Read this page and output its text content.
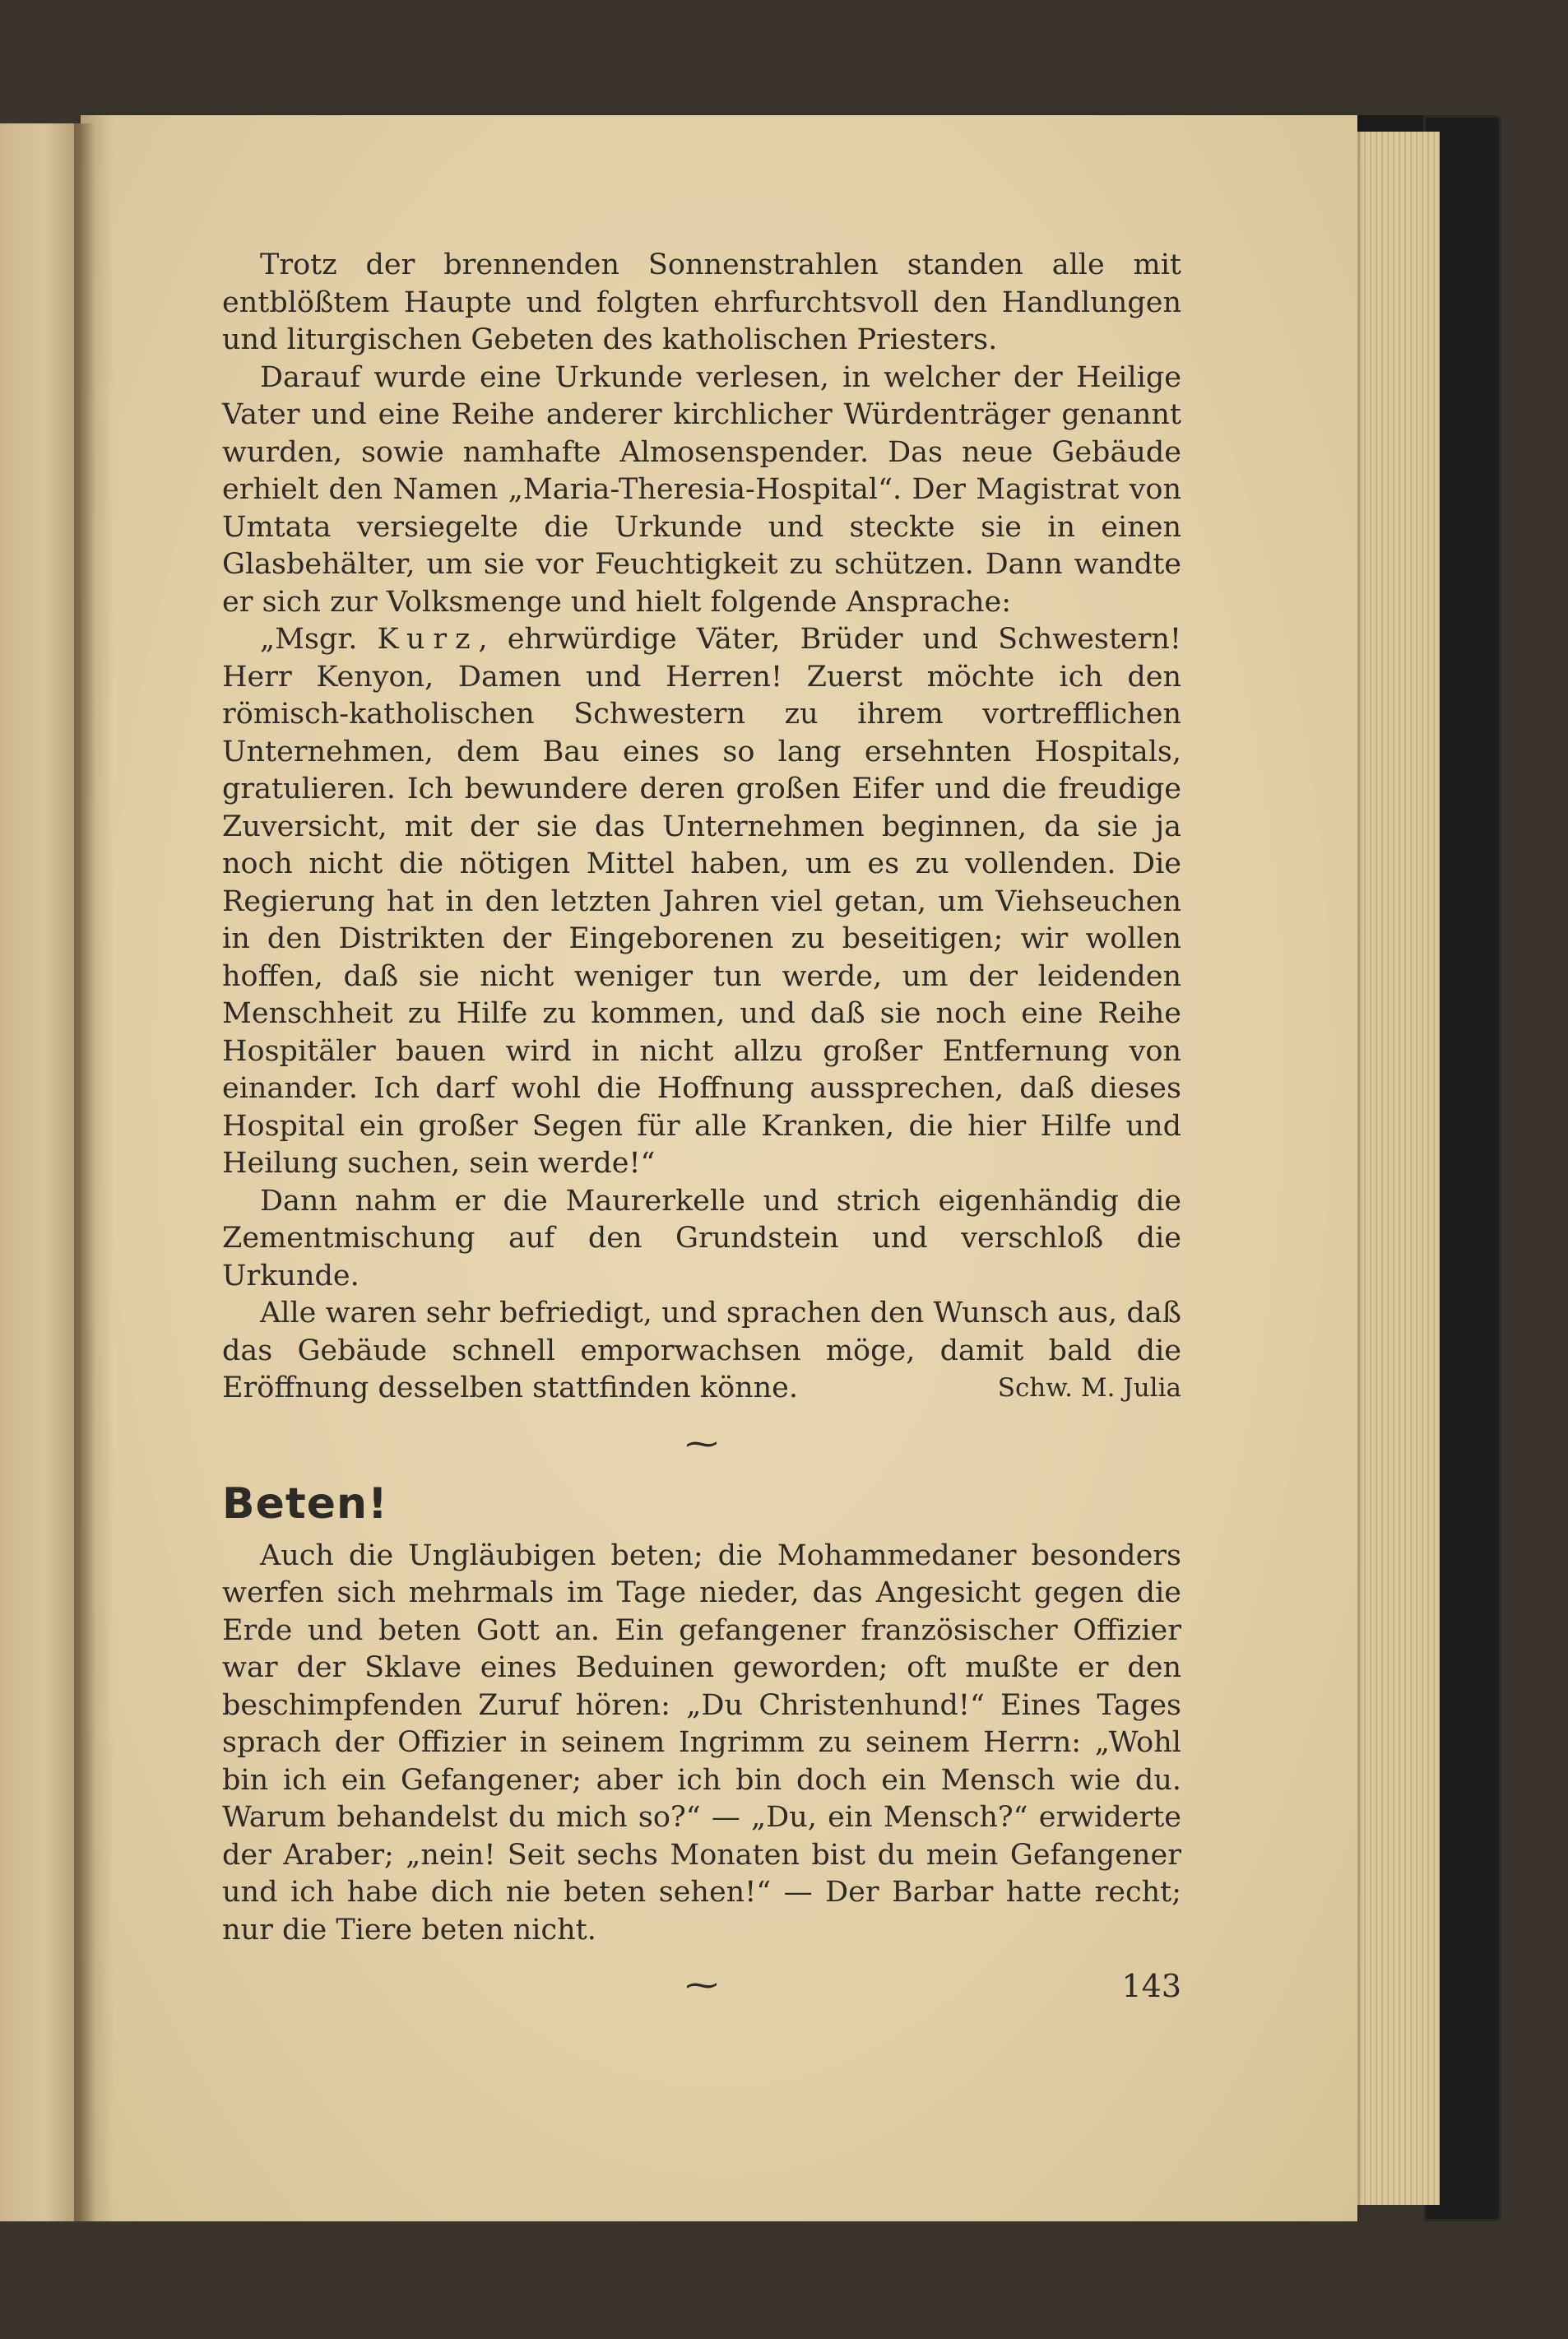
Trotz der brennenden Sonnenstrahlen standen alle mit entblößtem Haupte und folgten ehrfurchtsvoll den Handlungen und liturgischen Gebeten des katholischen Priesters.

Darauf wurde eine Urkunde verlesen, in welcher der Heilige Vater und eine Reihe anderer kirchlicher Würdenträger genannt wurden, sowie namhafte Almosenspender. Das neue Gebäude erhielt den Namen „Maria-Theresia-Hospital“. Der Magistrat von Umtata versiegelte die Urkunde und steckte sie in einen Glasbehälter, um sie vor Feuchtigkeit zu schützen. Dann wandte er sich zur Volksmenge und hielt folgende Ansprache:

„Msgr. Kurz, ehrwürdige Väter, Brüder und Schwestern! Herr Kenyon, Damen und Herren! Zuerst möchte ich den römisch-katholischen Schwestern zu ihrem vortrefflichen Unternehmen, dem Bau eines so lang ersehnten Hospitals, gratulieren. Ich bewundere deren großen Eifer und die freudige Zuversicht, mit der sie das Unternehmen beginnen, da sie ja noch nicht die nötigen Mittel haben, um es zu vollenden. Die Regierung hat in den letzten Jahren viel getan, um Viehseuchen in den Distrikten der Eingeborenen zu beseitigen; wir wollen hoffen, daß sie nicht weniger tun werde, um der leidenden Menschheit zu Hilfe zu kommen, und daß sie noch eine Reihe Hospitäler bauen wird in nicht allzu großer Entfernung von einander. Ich darf wohl die Hoffnung aussprechen, daß dieses Hospital ein großer Segen für alle Kranken, die hier Hilfe und Heilung suchen, sein werde!“

Dann nahm er die Maurerkelle und strich eigenhändig die Zementmischung auf den Grundstein und verschloß die Urkunde.

Alle waren sehr befriedigt, und sprachen den Wunsch aus, daß das Gebäude schnell emporwachsen möge, damit bald die Eröffnung desselben stattfinden könne.	Schw. M. Julia
⁓
Beten!

Auch die Ungläubigen beten; die Mohammedaner besonders werfen sich mehrmals im Tage nieder, das Angesicht gegen die Erde und beten Gott an. Ein gefangener französischer Offizier war der Sklave eines Beduinen geworden; oft mußte er den beschimpfenden Zuruf hören: „Du Christenhund!“ Eines Tages sprach der Offizier in seinem Ingrimm zu seinem Herrn: „Wohl bin ich ein Gefangener; aber ich bin doch ein Mensch wie du. Warum behandelst du mich so?“ — „Du, ein Mensch?“ erwiderte der Araber; „nein! Seit sechs Monaten bist du mein Gefangener und ich habe dich nie beten sehen!“ — Der Barbar hatte recht; nur die Tiere beten nicht.

⁓	143
